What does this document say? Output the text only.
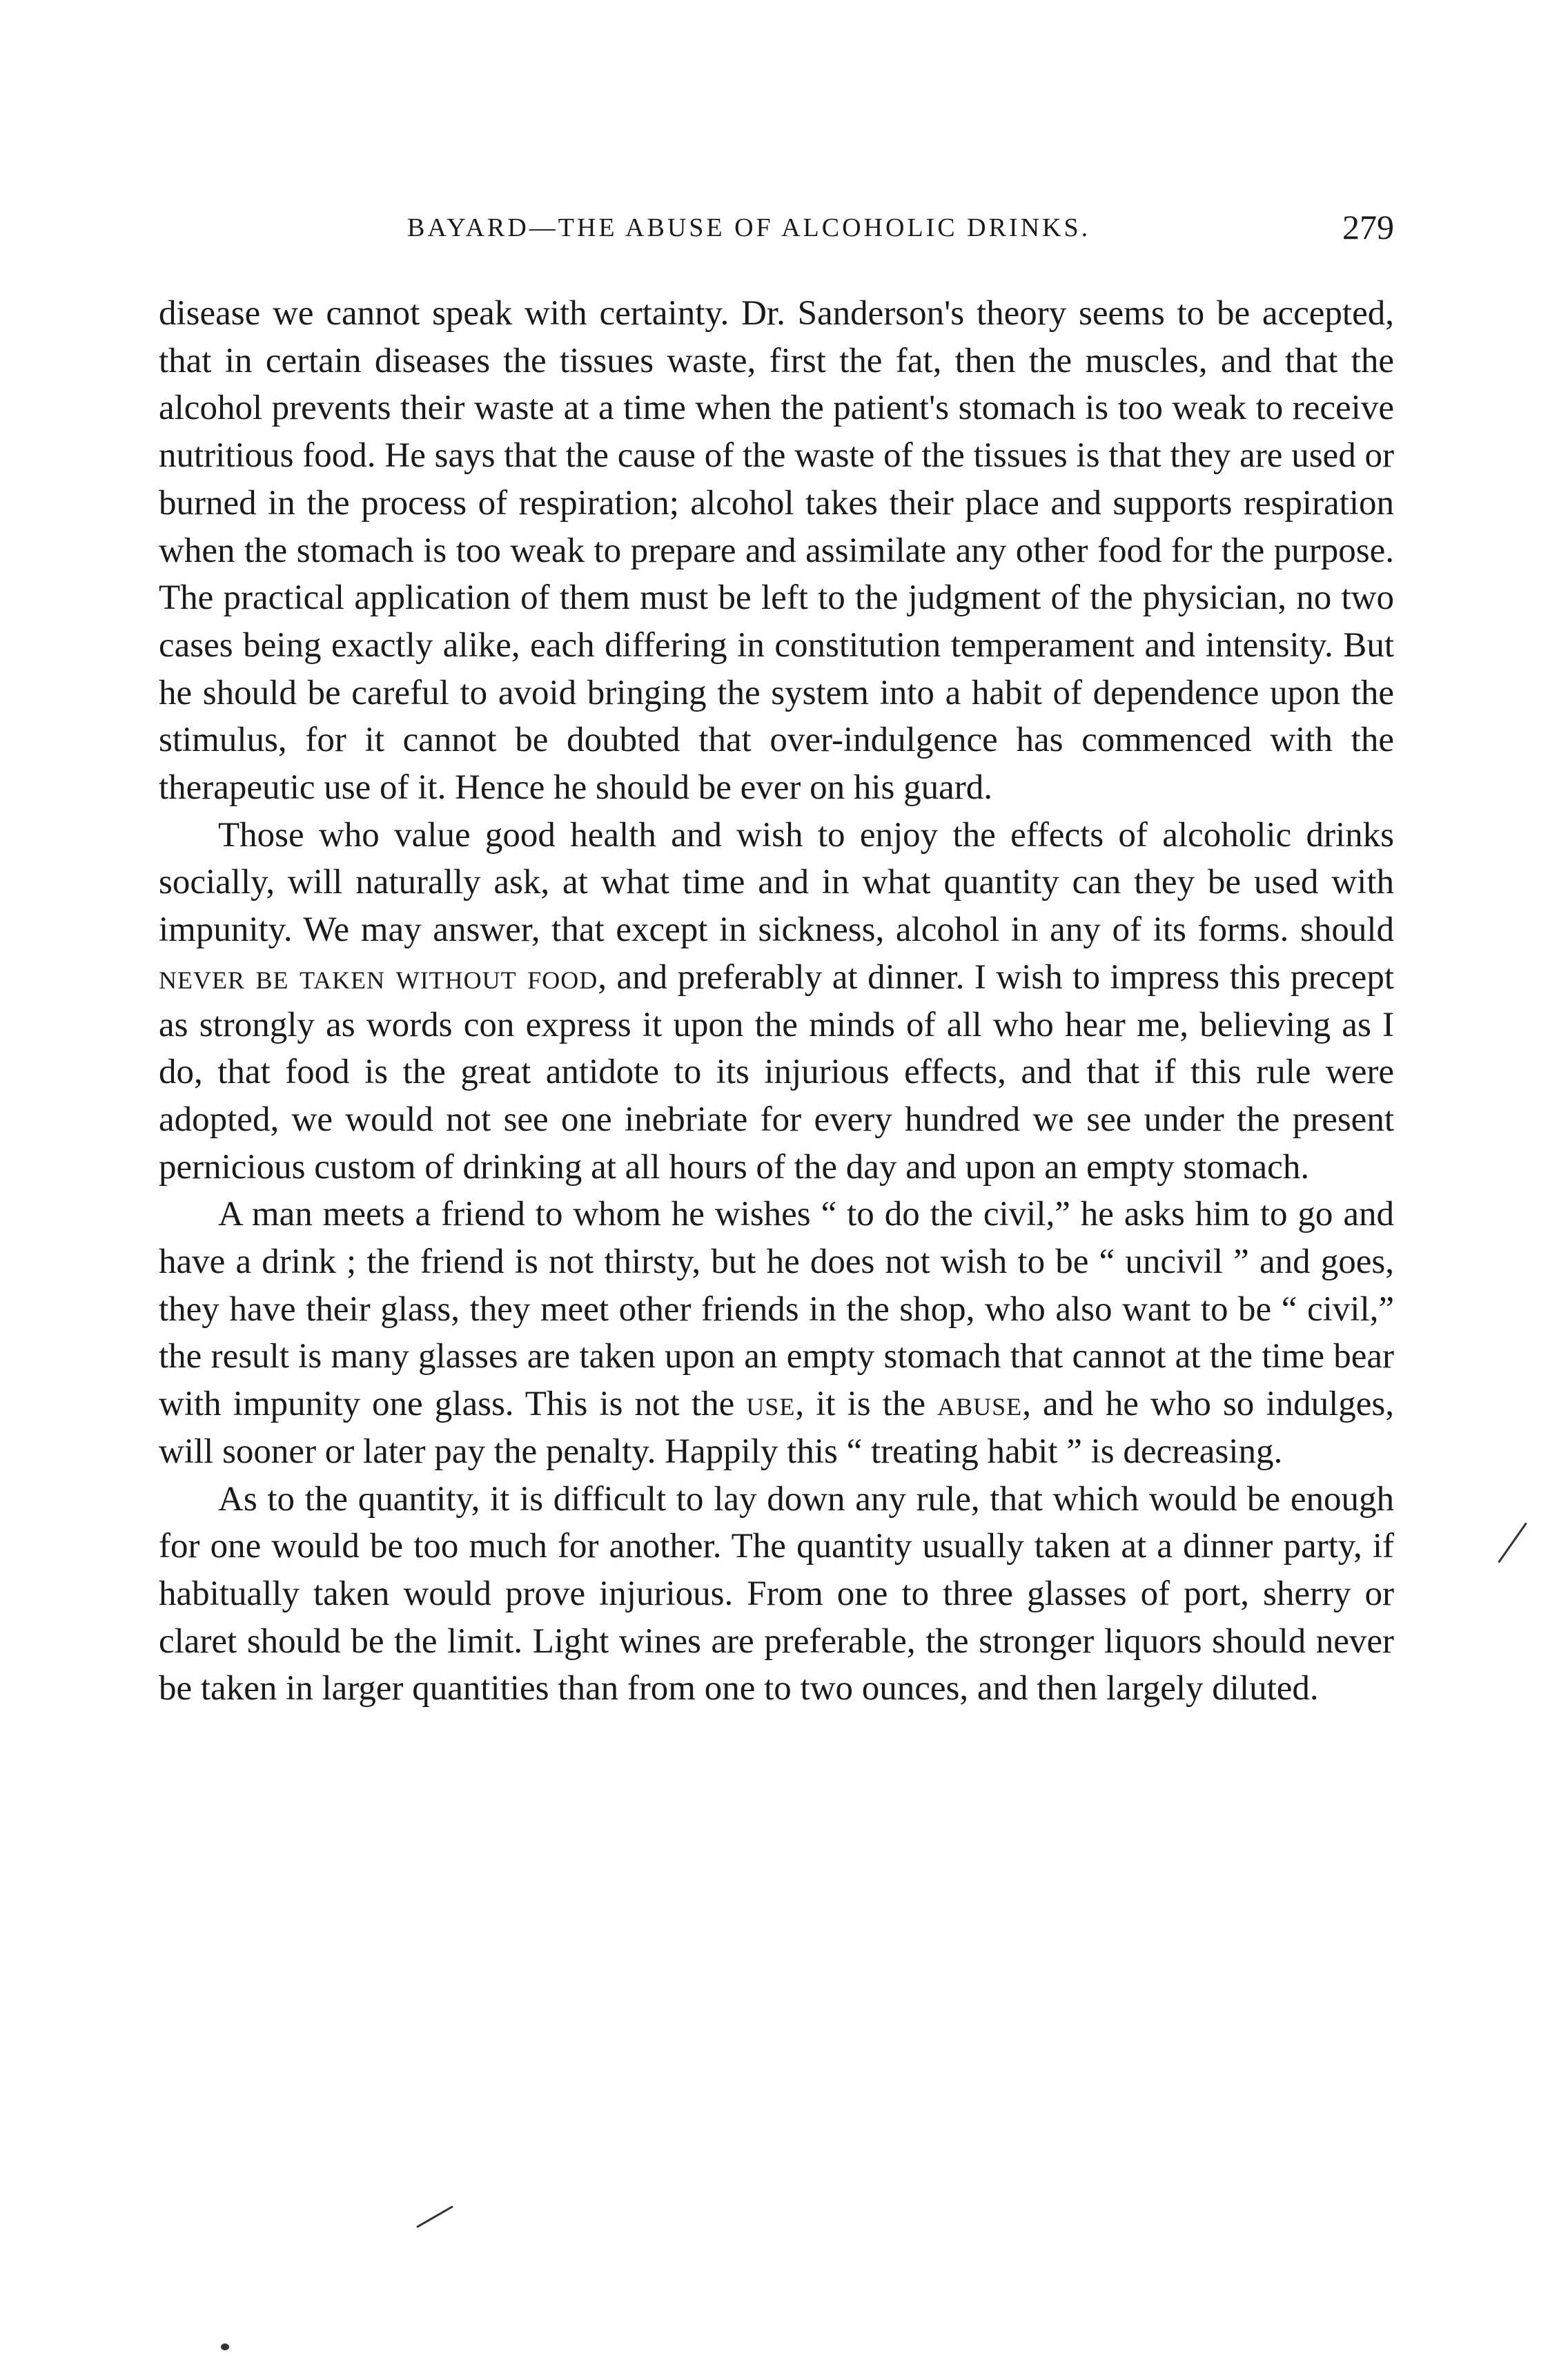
BAYARD—THE ABUSE OF ALCOHOLIC DRINKS.	279

disease we cannot speak with certainty. Dr. Sanderson's theory seems to be accepted, that in certain diseases the tissues waste, first the fat, then the muscles, and that the alcohol prevents their waste at a time when the patient's stomach is too weak to receive nutritious food. He says that the cause of the waste of the tissues is that they are used or burned in the process of respiration; alcohol takes their place and supports respiration when the stomach is too weak to prepare and assimilate any other food for the purpose. The practical application of them must be left to the judgment of the physician, no two cases being exactly alike, each differing in constitution temperament and intensity. But he should be careful to avoid bringing the system into a habit of dependence upon the stimulus, for it cannot be doubted that over-indulgence has commenced with the therapeutic use of it. Hence he should be ever on his guard.

Those who value good health and wish to enjoy the effects of alcoholic drinks socially, will naturally ask, at what time and in what quantity can they be used with impunity. We may answer, that except in sickness, alcohol in any of its forms. should never be taken without food, and preferably at dinner. I wish to impress this precept as strongly as words con express it upon the minds of all who hear me, believing as I do, that food is the great antidote to its injurious effects, and that if this rule were adopted, we would not see one inebriate for every hundred we see under the present pernicious custom of drinking at all hours of the day and upon an empty stomach.

A man meets a friend to whom he wishes “ to do the civil,” he asks him to go and have a drink ; the friend is not thirsty, but he does not wish to be “ uncivil ” and goes, they have their glass, they meet other friends in the shop, who also want to be “ civil,” the result is many glasses are taken upon an empty stomach that cannot at the time bear with impunity one glass. This is not the use, it is the abuse, and he who so indulges, will sooner or later pay the penalty. Happily this “ treating habit ” is decreasing.

As to the quantity, it is difficult to lay down any rule, that which would be enough for one would be too much for another. The quantity usually taken at a dinner party, if habitually taken would prove injurious. From one to three glasses of port, sherry or claret should be the limit. Light wines are preferable, the stronger liquors should never be taken in larger quantities than from one to two ounces, and then largely diluted.
